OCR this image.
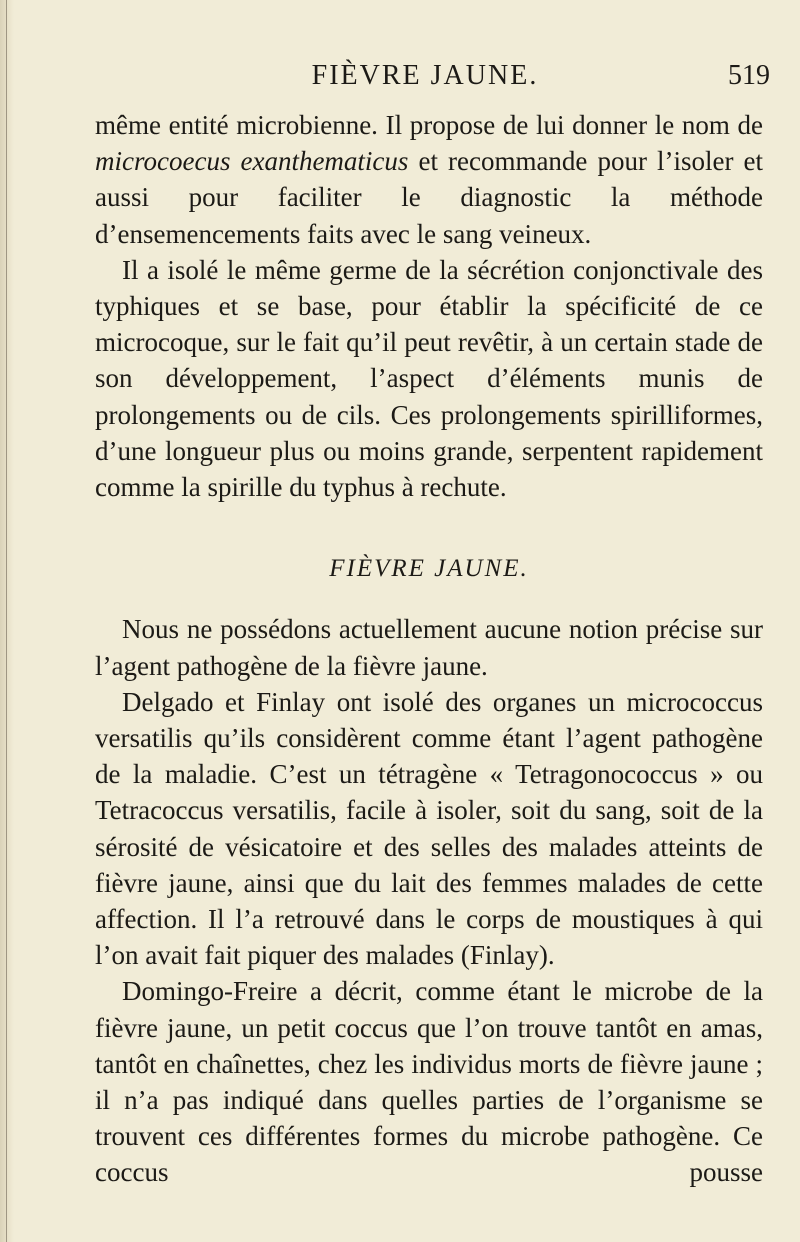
FIÈVRE JAUNE.	519

même entité microbienne. Il propose de lui donner le nom de microcoecus exanthematicus et recommande pour l’isoler et aussi pour faciliter le diagnostic la méthode d’ensemencements faits avec le sang veineux.

Il a isolé le même germe de la sécrétion conjonctivale des typhiques et se base, pour établir la spécificité de ce microcoque, sur le fait qu’il peut revêtir, à un certain stade de son développement, l’aspect d’éléments munis de prolongements ou de cils. Ces prolongements spirilliformes, d’une longueur plus ou moins grande, serpentent rapidement comme la spirille du typhus à rechute.

FIÈVRE JAUNE.

Nous ne possédons actuellement aucune notion précise sur l’agent pathogène de la fièvre jaune.

Delgado et Finlay ont isolé des organes un micrococcus versatilis qu’ils considèrent comme étant l’agent pathogène de la maladie. C’est un tétragène « Tetragonococcus » ou Tetracoccus versatilis, facile à isoler, soit du sang, soit de la sérosité de vésicatoire et des selles des malades atteints de fièvre jaune, ainsi que du lait des femmes malades de cette affection. Il l’a retrouvé dans le corps de moustiques à qui l’on avait fait piquer des malades (Finlay).

Domingo-Freire a décrit, comme étant le microbe de la fièvre jaune, un petit coccus que l’on trouve tantôt en amas, tantôt en chaînettes, chez les individus morts de fièvre jaune ; il n’a pas indiqué dans quelles parties de l’organisme se trouvent ces différentes formes du microbe pathogène. Ce coccus pousse
